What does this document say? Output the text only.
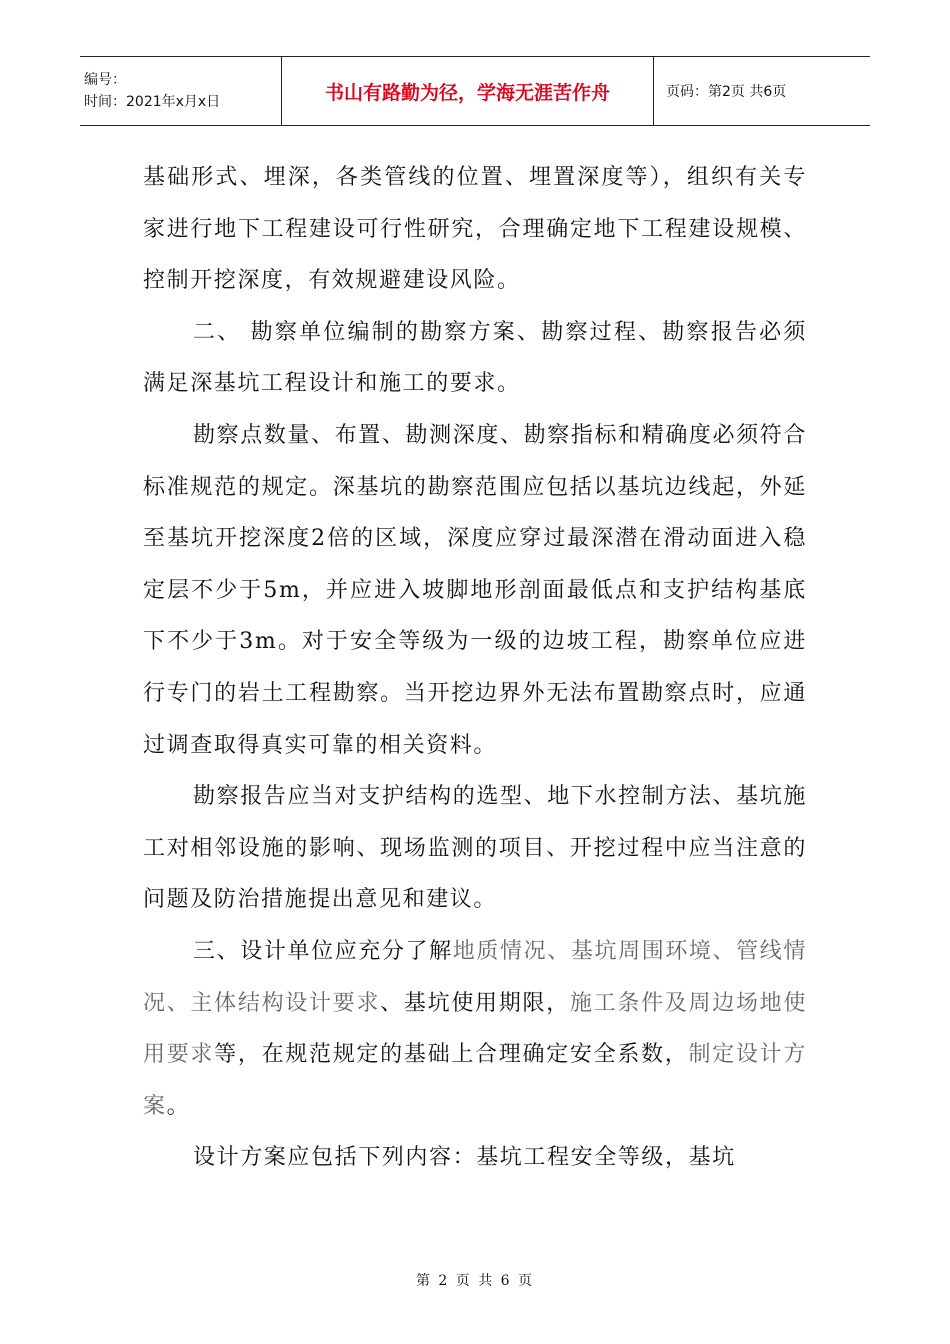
编号：
时间：2021年x月x日	书山有路勤为径，学海无涯苦作舟	页码：第2页 共6页

基础形式、埋深，各类管线的位置、埋置深度等），组织有关专家进行地下工程建设可行性研究，合理确定地下工程建设规模、控制开挖深度，有效规避建设风险。

二、 勘察单位编制的勘察方案、勘察过程、勘察报告必须满足深基坑工程设计和施工的要求。

勘察点数量、布置、勘测深度、勘察指标和精确度必须符合标准规范的规定。深基坑的勘察范围应包括以基坑边线起，外延至基坑开挖深度2倍的区域，深度应穿过最深潜在滑动面进入稳定层不少于5m，并应进入坡脚地形剖面最低点和支护结构基底下不少于3m。对于安全等级为一级的边坡工程，勘察单位应进行专门的岩土工程勘察。当开挖边界外无法布置勘察点时，应通过调查取得真实可靠的相关资料。

勘察报告应当对支护结构的选型、地下水控制方法、基坑施工对相邻设施的影响、现场监测的项目、开挖过程中应当注意的问题及防治措施提出意见和建议。

三、设计单位应充分了解地质情况、基坑周围环境、管线情况、主体结构设计要求、基坑使用期限，施工条件及周边场地使用要求等，在规范规定的基础上合理确定安全系数，制定设计方案。

设计方案应包括下列内容：基坑工程安全等级，基坑

第 2 页 共 6 页
